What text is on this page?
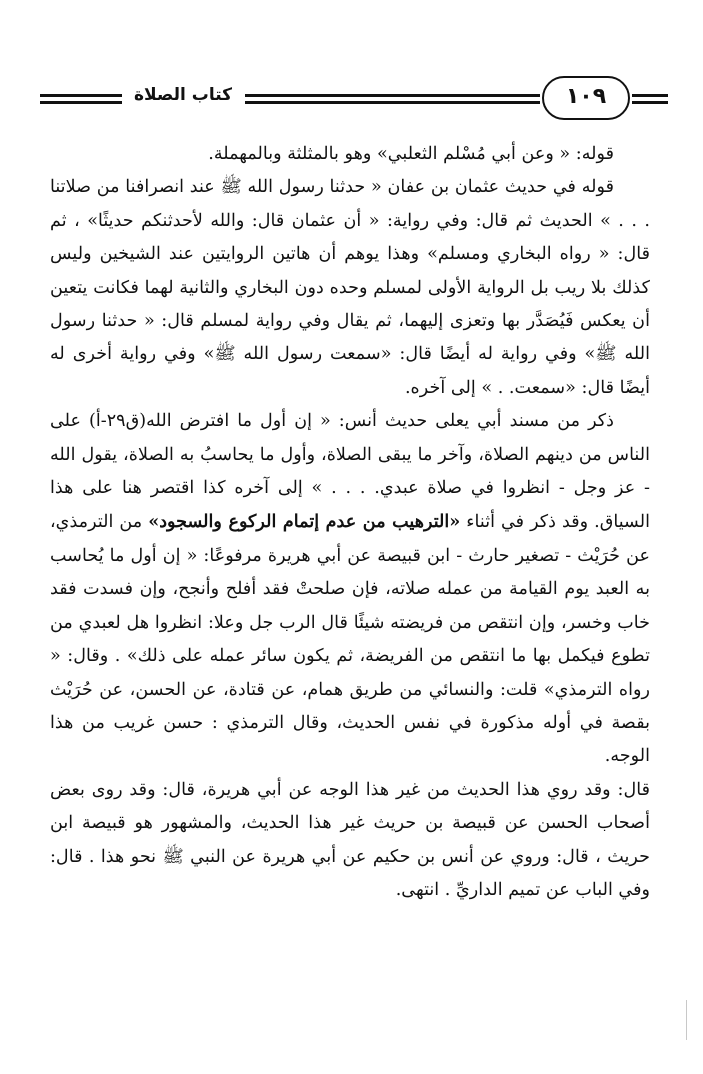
كتاب الصلاة	١٠٩

قوله: « وعن أبي مُسْلم الثعلبي» وهو بالمثلثة وبالمهملة.

قوله في حديث عثمان بن عفان « حدثنا رسول الله ﷺ عند انصرافنا من صلاتنا . . . » الحديث ثم قال: وفي رواية: « أن عثمان قال: والله لأحدثنكم حديثًا» ، ثم قال: « رواه البخاري ومسلم» وهذا يوهم أن هاتين الروايتين عند الشيخين وليس كذلك بلا ريب بل الرواية الأولى لمسلم وحده دون البخاري والثانية لهما فكانت يتعين أن يعكس فَيُصَدَّر بها وتعزى إليهما، ثم يقال وفي رواية لمسلم قال: « حدثنا رسول الله ﷺ» وفي رواية له أيضًا قال: «سمعت رسول الله ﷺ» وفي رواية أخرى له أيضًا قال: «سمعت. . » إلى آخره.

ذكر من مسند أبي يعلى حديث أنس: « إن أول ما افترض الله(ق٢٩-أ) على الناس من دينهم الصلاة، وآخر ما يبقى الصلاة، وأول ما يحاسبُ به الصلاة، يقول الله - عز وجل - انظروا في صلاة عبدي. . . . » إلى آخره كذا اقتصر هنا على هذا السياق. وقد ذكر في أثناء «الترهيب من عدم إتمام الركوع والسجود» من الترمذي، عن حُرَيْث - تصغير حارث - ابن قبيصة عن أبي هريرة مرفوعًا: « إن أول ما يُحاسب به العبد يوم القيامة من عمله صلاته، فإن صلحتْ فقد أفلح وأنجح، وإن فسدت فقد خاب وخسر، وإن انتقص من فريضته شيئًا قال الرب جل وعلا: انظروا هل لعبدي من تطوع فيكمل بها ما انتقص من الفريضة، ثم يكون سائر عمله على ذلك» . وقال: « رواه الترمذي» قلت: والنسائي من طريق همام، عن قتادة، عن الحسن، عن حُرَيْث بقصة في أوله مذكورة في نفس الحديث، وقال الترمذي : حسن غريب من هذا الوجه.

قال: وقد روي هذا الحديث من غير هذا الوجه عن أبي هريرة، قال: وقد روى بعض أصحاب الحسن عن قبيصة بن حريث غير هذا الحديث، والمشهور هو قبيصة ابن حريث ، قال: وروي عن أنس بن حكيم عن أبي هريرة عن النبي ﷺ نحو هذا . قال: وفي الباب عن تميم الداريِّ . انتهى.
